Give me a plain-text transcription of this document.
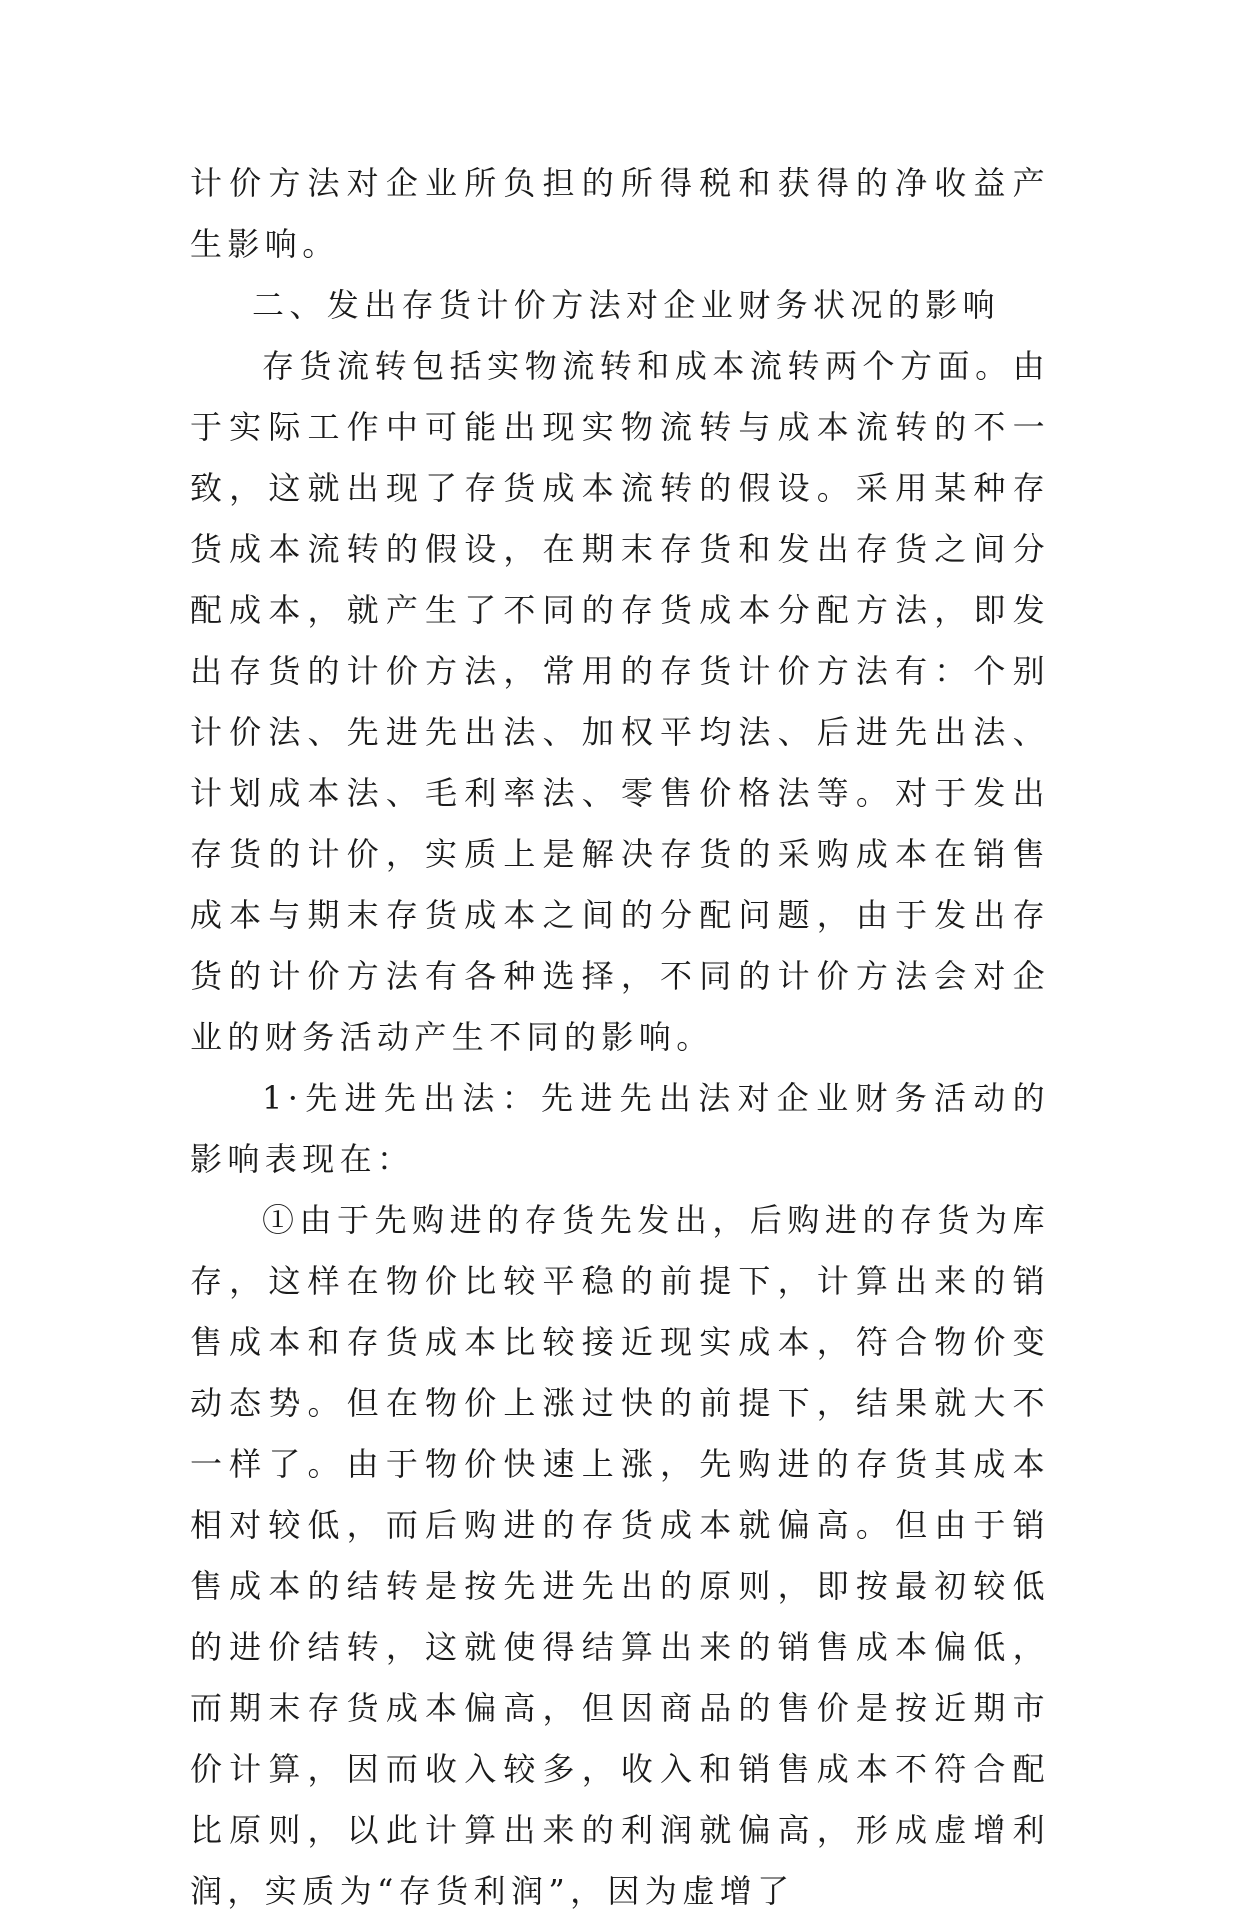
计价方法对企业所负担的所得税和获得的净收益产生影响。

二、发出存货计价方法对企业财务状况的影响

存货流转包括实物流转和成本流转两个方面。由于实际工作中可能出现实物流转与成本流转的不一致，这就出现了存货成本流转的假设。采用某种存货成本流转的假设，在期末存货和发出存货之间分配成本，就产生了不同的存货成本分配方法，即发出存货的计价方法，常用的存货计价方法有：个别计价法、先进先出法、加权平均法、后进先出法、计划成本法、毛利率法、零售价格法等。对于发出存货的计价，实质上是解决存货的采购成本在销售成本与期末存货成本之间的分配问题，由于发出存货的计价方法有各种选择，不同的计价方法会对企业的财务活动产生不同的影响。

1·先进先出法：先进先出法对企业财务活动的影响表现在：

①由于先购进的存货先发出，后购进的存货为库存，这样在物价比较平稳的前提下，计算出来的销售成本和存货成本比较接近现实成本，符合物价变动态势。但在物价上涨过快的前提下，结果就大不一样了。由于物价快速上涨，先购进的存货其成本相对较低，而后购进的存货成本就偏高。但由于销售成本的结转是按先进先出的原则，即按最初较低的进价结转，这就使得结算出来的销售成本偏低，而期末存货成本偏高，但因商品的售价是按近期市价计算，因而收入较多，收入和销售成本不符合配比原则，以此计算出来的利润就偏高，形成虚增利润，实质为“存货利润”，因为虚增了
